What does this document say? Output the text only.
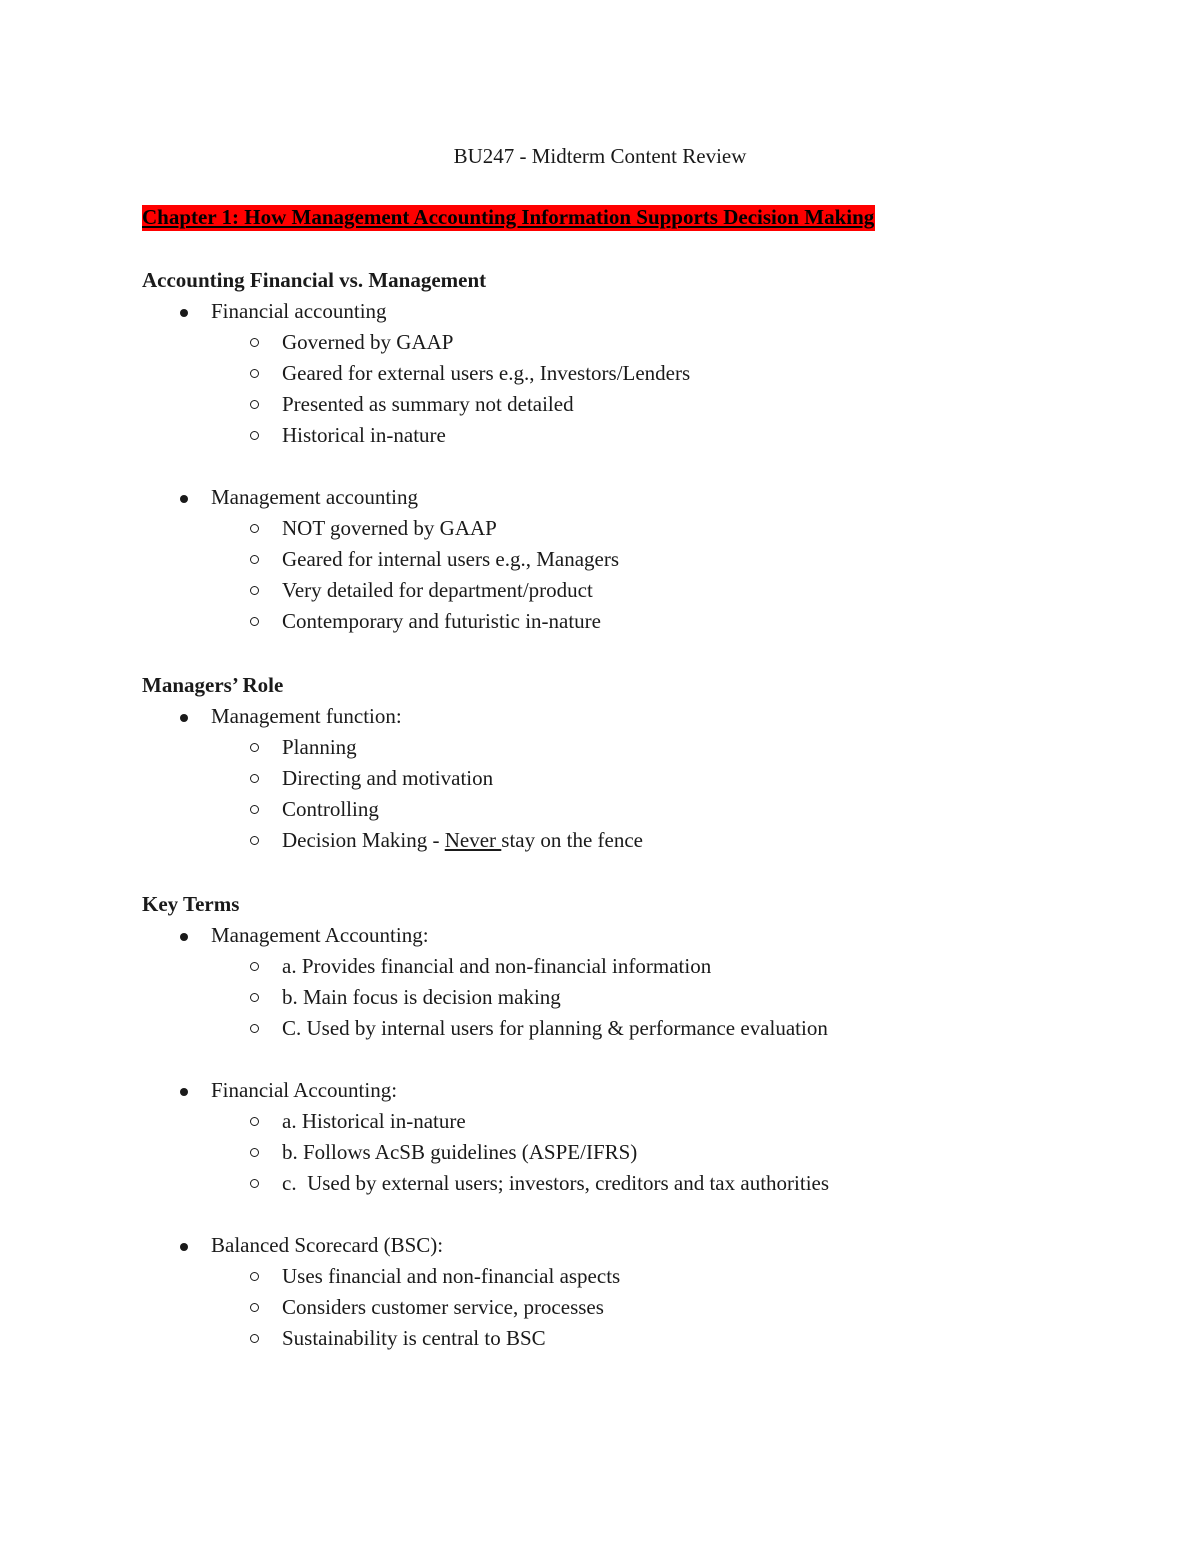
BU247 - Midterm Content Review
Chapter 1: How Management Accounting Information Supports Decision Making
Accounting Financial vs. Management
Financial accounting
Governed by GAAP
Geared for external users e.g., Investors/Lenders
Presented as summary not detailed
Historical in-nature
Management accounting
NOT governed by GAAP
Geared for internal users e.g., Managers
Very detailed for department/product
Contemporary and futuristic in-nature
Managers’ Role
Management function:
Planning
Directing and motivation
Controlling
Decision Making - Never stay on the fence
Key Terms
Management Accounting:
a. Provides financial and non-financial information
b. Main focus is decision making
C. Used by internal users for planning & performance evaluation
Financial Accounting:
a. Historical in-nature
b. Follows AcSB guidelines (ASPE/IFRS)
c.  Used by external users; investors, creditors and tax authorities
Balanced Scorecard (BSC):
Uses financial and non-financial aspects
Considers customer service, processes
Sustainability is central to BSC
